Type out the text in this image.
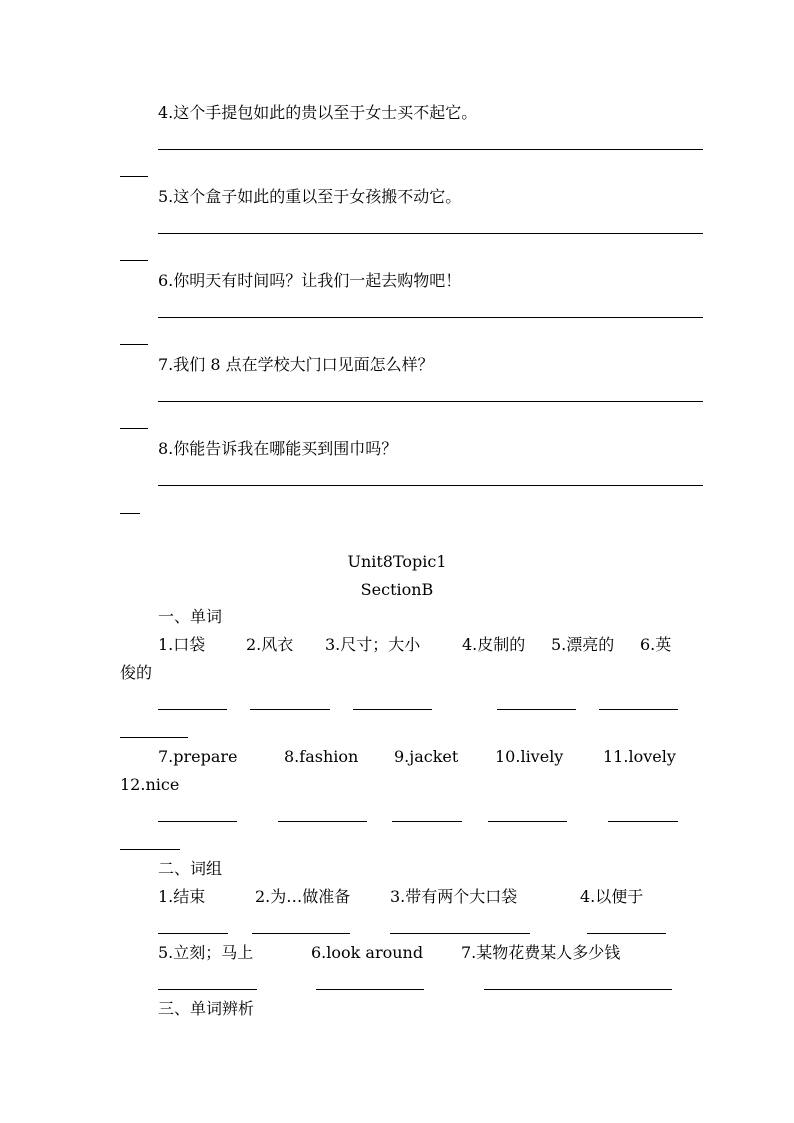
4.这个手提包如此的贵以至于女士买不起它。
5.这个盒子如此的重以至于女孩搬不动它。
6.你明天有时间吗？让我们一起去购物吧！
7.我们 8 点在学校大门口见面怎么样？
8.你能告诉我在哪能买到围巾吗？
Unit8Topic1
SectionB
一、单词
1.口袋	2.风衣 3.尺寸；大小	4.皮制的 5.漂亮的 6.英
俊的
7.prepare	8.fashion 9.jacket 10.lively 11.lovely
12.nice
二、词组
1.结束	2.为…做准备 3.带有两个大口袋	4.以便于
5.立刻；马上	6.look around 7.某物花费某人多少钱
三、单词辨析
